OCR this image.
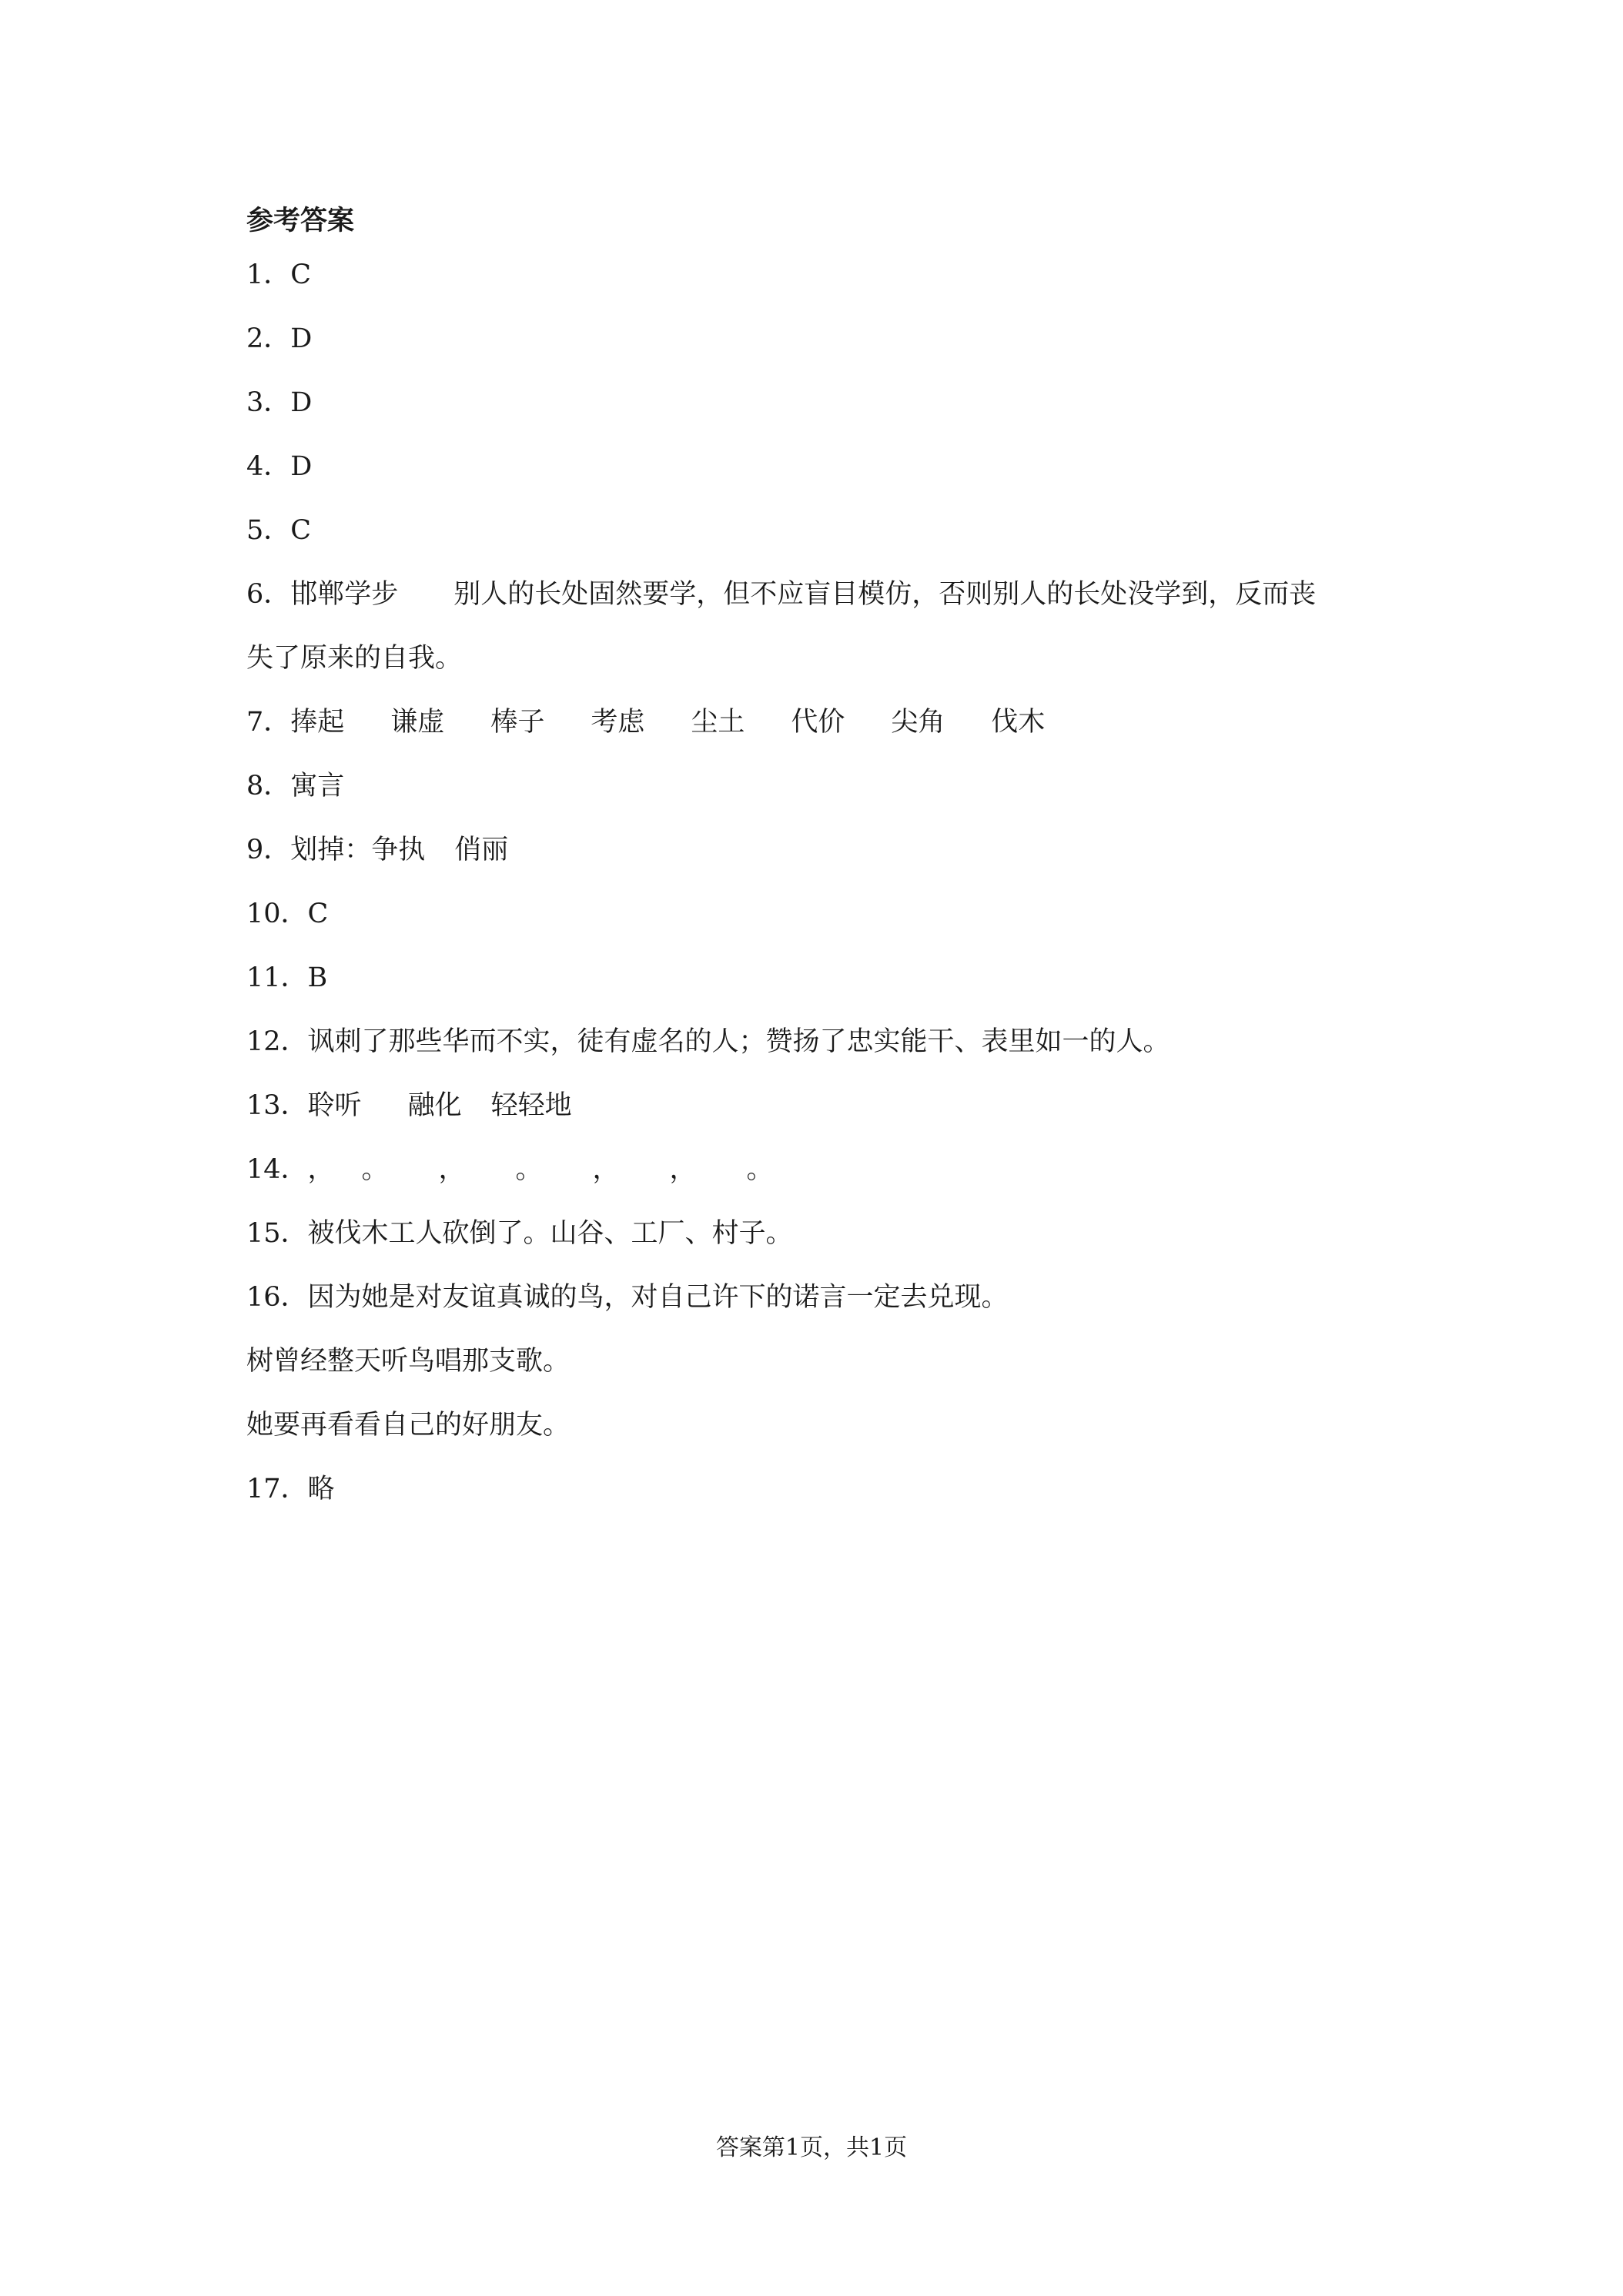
参考答案
1．C
2．D
3．D
4．D
5．C
6．邯郸学步 别人的长处固然要学，但不应盲目模仿，否则别人的长处没学到，反而丧
失了原来的自我。
7．捧起 谦虚 棒子 考虑 尘土 代价 尖角 伐木
8．寓言
9．划掉：争执 俏丽
10．C
11．B
12．讽刺了那些华而不实，徒有虚名的人；赞扬了忠实能干、表里如一的人。
13．聆听 融化 轻轻地
14．， 。 ， 。 ， ， 。
15．被伐木工人砍倒了。山谷、工厂、村子。
16．因为她是对友谊真诚的鸟，对自己许下的诺言一定去兑现。
树曾经整天听鸟唱那支歌。
她要再看看自己的好朋友。
17．略
答案第1页，共1页
